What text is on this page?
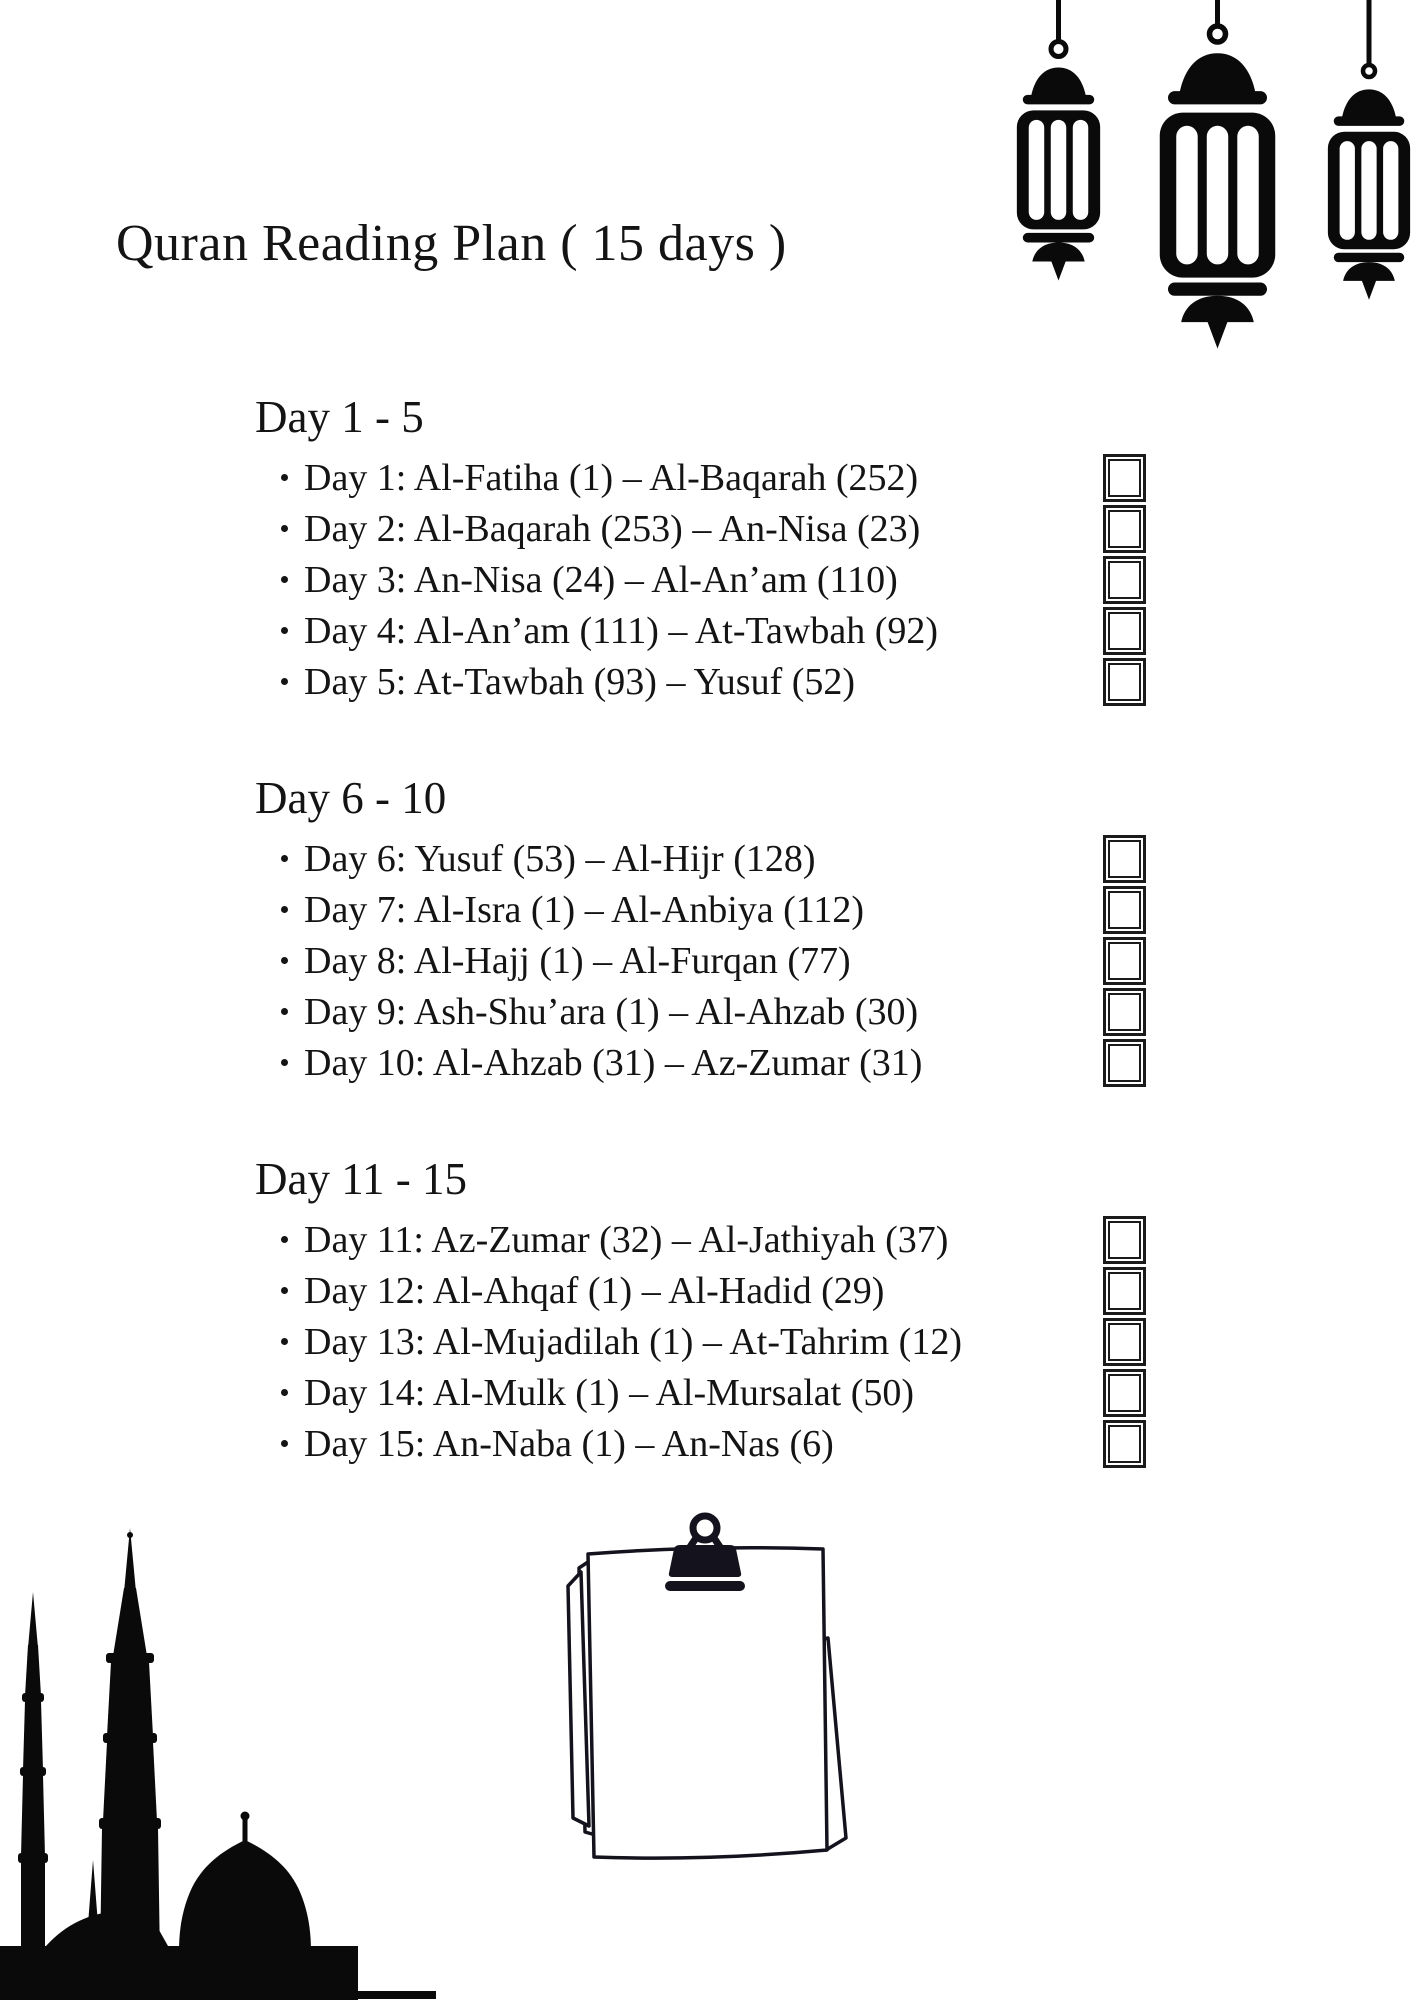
Quran Reading Plan ( 15 days )
Day 1 - 5
Day 1: Al-Fatiha (1) – Al-Baqarah (252)
Day 2: Al-Baqarah (253) – An-Nisa (23)
Day 3: An-Nisa (24) – Al-An’am (110)
Day 4: Al-An’am (111) – At-Tawbah (92)
Day 5: At-Tawbah (93) – Yusuf (52)
Day 6 - 10
Day 6: Yusuf (53) – Al-Hijr (128)
Day 7: Al-Isra (1) – Al-Anbiya (112)
Day 8: Al-Hajj (1) – Al-Furqan (77)
Day 9: Ash-Shu’ara (1) – Al-Ahzab (30)
Day 10: Al-Ahzab (31) – Az-Zumar (31)
Day 11 - 15
Day 11: Az-Zumar (32) – Al-Jathiyah (37)
Day 12: Al-Ahqaf (1) – Al-Hadid (29)
Day 13: Al-Mujadilah (1) – At-Tahrim (12)
Day 14: Al-Mulk (1) – Al-Mursalat (50)
Day 15: An-Naba (1) – An-Nas (6)
